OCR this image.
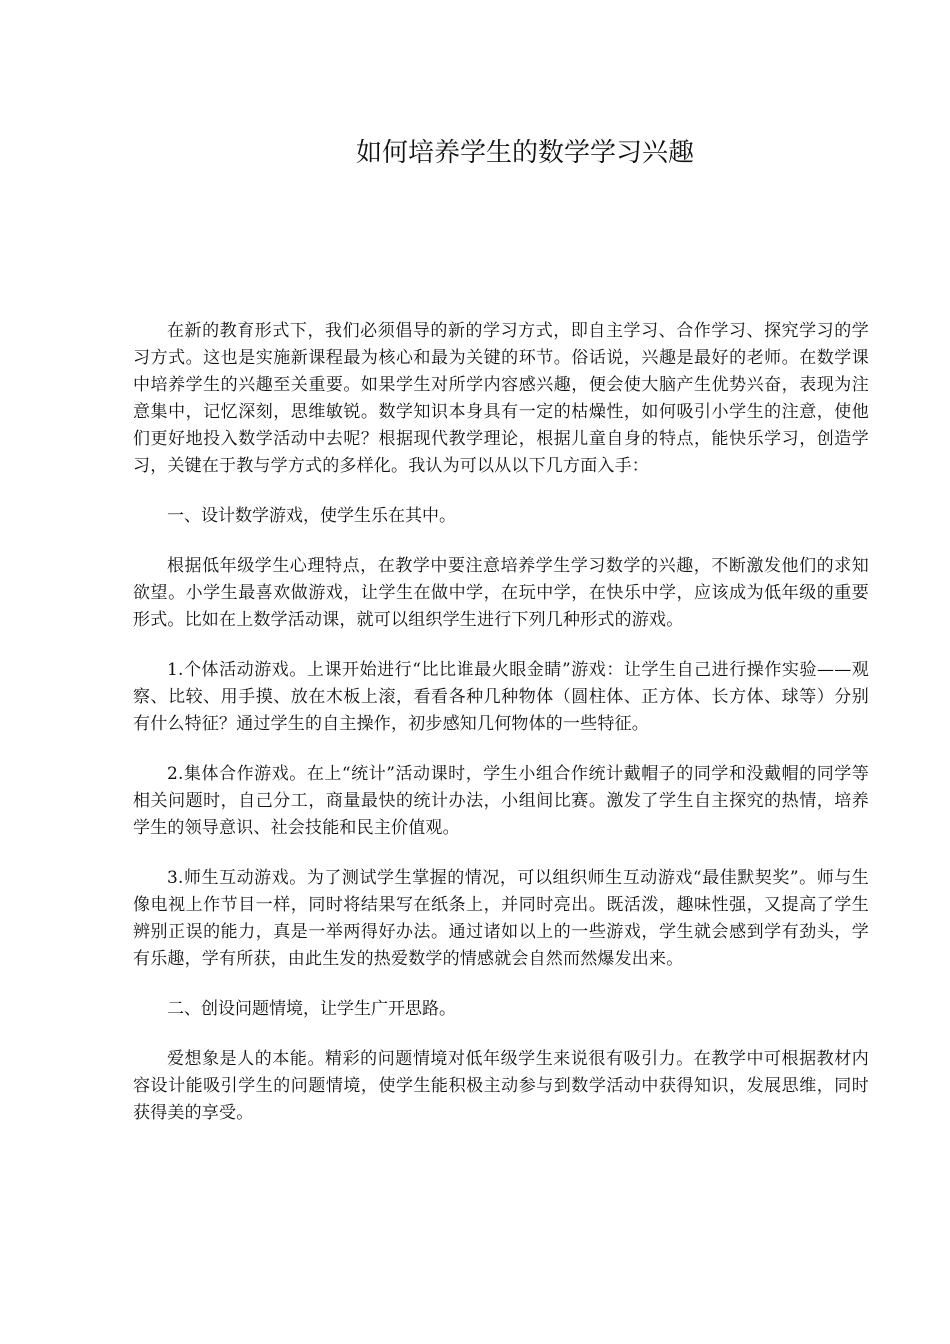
如何培养学生的数学学习兴趣

在新的教育形式下，我们必须倡导的新的学习方式，即自主学习、合作学习、探究学习的学习方式。这也是实施新课程最为核心和最为关键的环节。俗话说，兴趣是最好的老师。在数学课中培养学生的兴趣至关重要。如果学生对所学内容感兴趣，便会使大脑产生优势兴奋，表现为注意集中，记忆深刻，思维敏锐。数学知识本身具有一定的枯燥性，如何吸引小学生的注意，使他们更好地投入数学活动中去呢？根据现代教学理论，根据儿童自身的特点，能快乐学习，创造学习，关键在于教与学方式的多样化。我认为可以从以下几方面入手：

一、设计数学游戏，使学生乐在其中。

根据低年级学生心理特点，在教学中要注意培养学生学习数学的兴趣，不断激发他们的求知欲望。小学生最喜欢做游戏，让学生在做中学，在玩中学，在快乐中学，应该成为低年级的重要形式。比如在上数学活动课，就可以组织学生进行下列几种形式的游戏。

1.个体活动游戏。上课开始进行“比比谁最火眼金睛”游戏：让学生自己进行操作实验——观察、比较、用手摸、放在木板上滚，看看各种几种物体（圆柱体、正方体、长方体、球等）分别有什么特征？通过学生的自主操作，初步感知几何物体的一些特征。

2.集体合作游戏。在上“统计”活动课时，学生小组合作统计戴帽子的同学和没戴帽的同学等相关问题时，自己分工，商量最快的统计办法，小组间比赛。激发了学生自主探究的热情，培养学生的领导意识、社会技能和民主价值观。

3.师生互动游戏。为了测试学生掌握的情况，可以组织师生互动游戏“最佳默契奖”。师与生像电视上作节目一样，同时将结果写在纸条上，并同时亮出。既活泼，趣味性强，又提高了学生辨别正误的能力，真是一举两得好办法。通过诸如以上的一些游戏，学生就会感到学有劲头，学有乐趣，学有所获，由此生发的热爱数学的情感就会自然而然爆发出来。

二、创设问题情境，让学生广开思路。

爱想象是人的本能。精彩的问题情境对低年级学生来说很有吸引力。在教学中可根据教材内容设计能吸引学生的问题情境，使学生能积极主动参与到数学活动中获得知识，发展思维，同时获得美的享受。
